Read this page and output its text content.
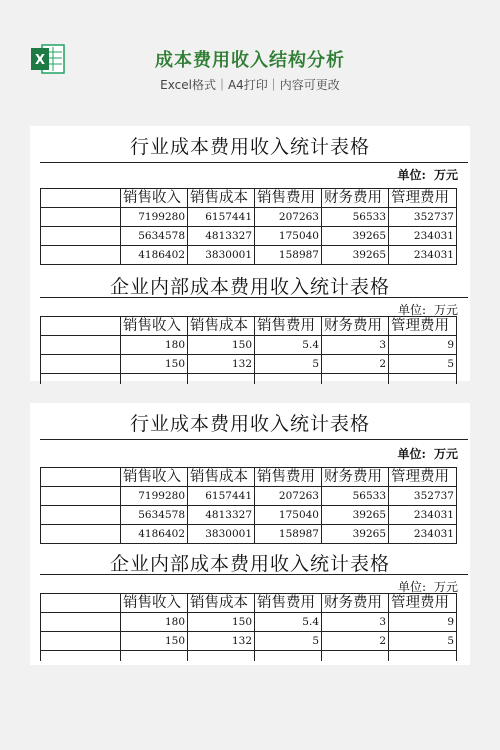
X	成本费用收入结构分析
Excel格式｜A4打印｜内容可更改
行业成本费用收入统计表格
单位: 万元
	销售收入	销售成本	销售费用	财务费用	管理费用
	7199280	6157441	207263	56533	352737
	5634578	4813327	175040	39265	234031
	4186402	3830001	158987	39265	234031
企业内部成本费用收入统计表格
单位: 万元
	销售收入	销售成本	销售费用	财务费用	管理费用
	180	150	5.4	3	9
	150	132	5	2	5

行业成本费用收入统计表格
单位: 万元
	销售收入	销售成本	销售费用	财务费用	管理费用
	7199280	6157441	207263	56533	352737
	5634578	4813327	175040	39265	234031
	4186402	3830001	158987	39265	234031
企业内部成本费用收入统计表格
单位: 万元
	销售收入	销售成本	销售费用	财务费用	管理费用
	180	150	5.4	3	9
	150	132	5	2	5
